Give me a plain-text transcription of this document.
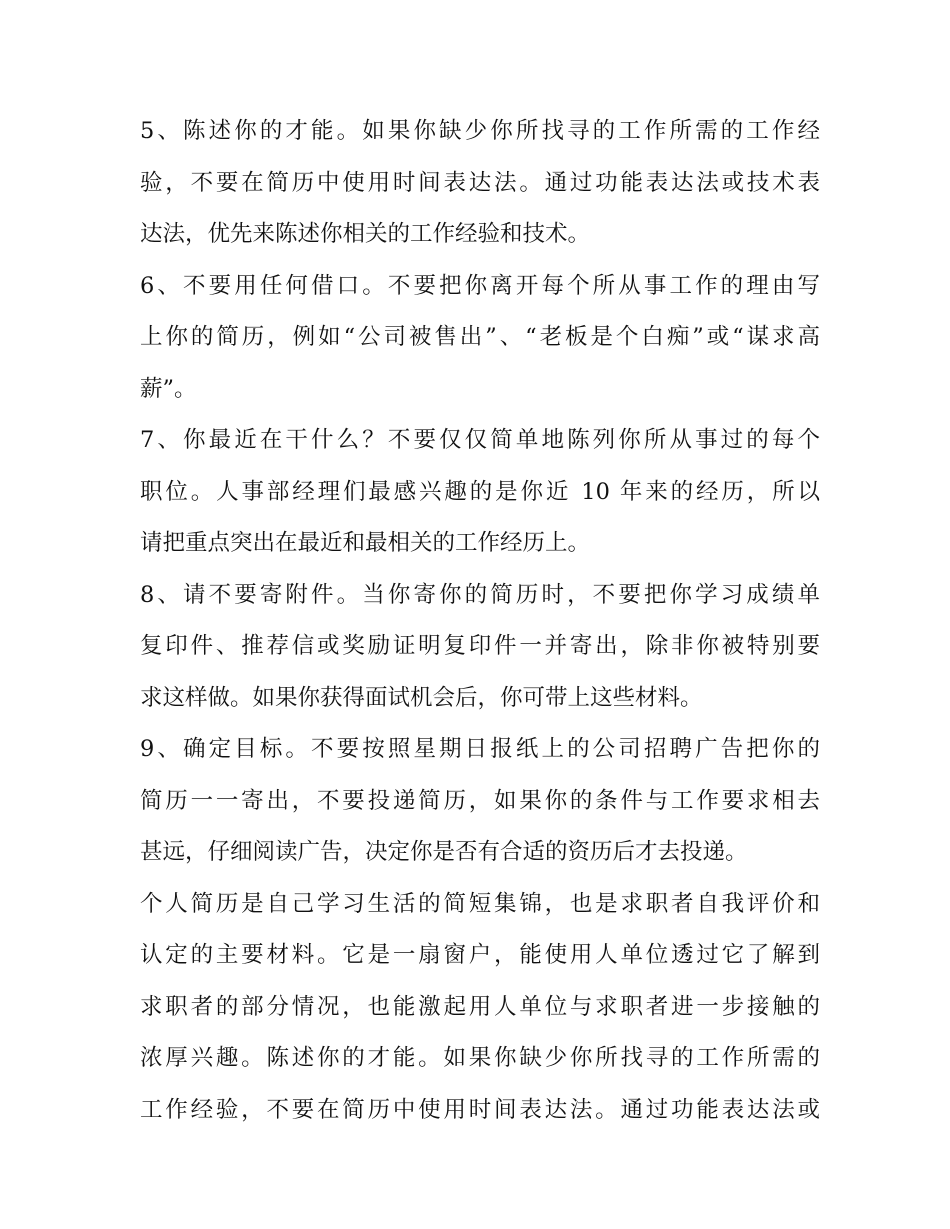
5、陈述你的才能。如果你缺少你所找寻的工作所需的工作经
验，不要在简历中使用时间表达法。通过功能表达法或技术表
达法，优先来陈述你相关的工作经验和技术。
6、不要用任何借口。不要把你离开每个所从事工作的理由写
上你的简历，例如“公司被售出”、“老板是个白痴”或“谋求高
薪”。
7、你最近在干什么？不要仅仅简单地陈列你所从事过的每个
职位。人事部经理们最感兴趣的是你近 10 年来的经历，所以
请把重点突出在最近和最相关的工作经历上。
8、请不要寄附件。当你寄你的简历时，不要把你学习成绩单
复印件、推荐信或奖励证明复印件一并寄出，除非你被特别要
求这样做。如果你获得面试机会后，你可带上这些材料。
9、确定目标。不要按照星期日报纸上的公司招聘广告把你的
简历一一寄出，不要投递简历，如果你的条件与工作要求相去
甚远，仔细阅读广告，决定你是否有合适的资历后才去投递。
个人简历是自己学习生活的简短集锦，也是求职者自我评价和
认定的主要材料。它是一扇窗户，能使用人单位透过它了解到
求职者的部分情况，也能激起用人单位与求职者进一步接触的
浓厚兴趣。陈述你的才能。如果你缺少你所找寻的工作所需的
工作经验，不要在简历中使用时间表达法。通过功能表达法或
